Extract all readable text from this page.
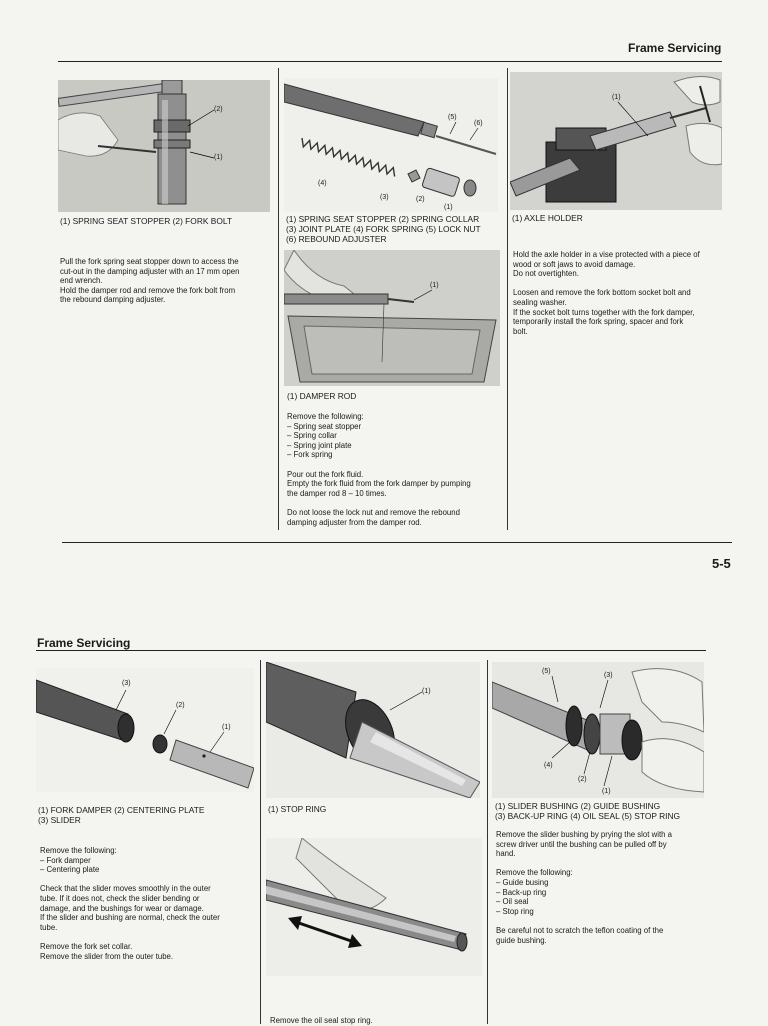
Frame Servicing
(2)
(1)
(1) SPRING SEAT STOPPER (2) FORK BOLT
Pull the fork spring seat stopper down to access the
cut-out in the damping adjuster with an 17 mm open
end wrench.
Hold the damper rod and remove the fork bolt from
the rebound damping adjuster.
(5)
(6)
(4)
(3)	(2)
(1)
(1) SPRING SEAT STOPPER (2) SPRING COLLAR
(3) JOINT PLATE (4) FORK SPRING (5) LOCK NUT
(6) REBOUND ADJUSTER
(1)
(1) DAMPER ROD
Remove the following:
– Spring seat stopper
– Spring collar
– Spring joint plate
– Fork spring

Pour out the fork fluid.
Empty the fork fluid from the fork damper by pumping
the damper rod 8 – 10 times.

Do not loose the lock nut and remove the rebound
damping adjuster from the damper rod.
(1)
(1) AXLE HOLDER
Hold the axle holder in a vise protected with a piece of
wood or soft jaws to avoid damage.
Do not overtighten.

Loosen and remove the fork bottom socket bolt and
sealing washer.
If the socket bolt turns together with the fork damper,
temporarily install the fork spring, spacer and fork
bolt.
5-5
Frame Servicing
(3)
(2)
(1)
(1) FORK DAMPER (2) CENTERING PLATE
(3) SLIDER
Remove the following:
– Fork damper
– Centering plate

Check that the slider moves smoothly in the outer
tube. If it does not, check the slider bending or
damage, and the bushings for wear or damage.
If the slider and bushing are normal, check the outer
tube.

Remove the fork set collar.
Remove the slider from the outer tube.
(1)
(1) STOP RING
Remove the oil seal stop ring.
(5)
(3)
(4)
(2)
(1)
(1) SLIDER BUSHING (2) GUIDE BUSHING
(3) BACK-UP RING (4) OIL SEAL (5) STOP RING
Remove the slider bushing by prying the slot with a
screw driver until the bushing can be pulled off by
hand.

Remove the following:
– Guide busing
– Back-up ring
– Oil seal
– Stop ring

Be careful not to scratch the teflon coating of the
guide bushing.
